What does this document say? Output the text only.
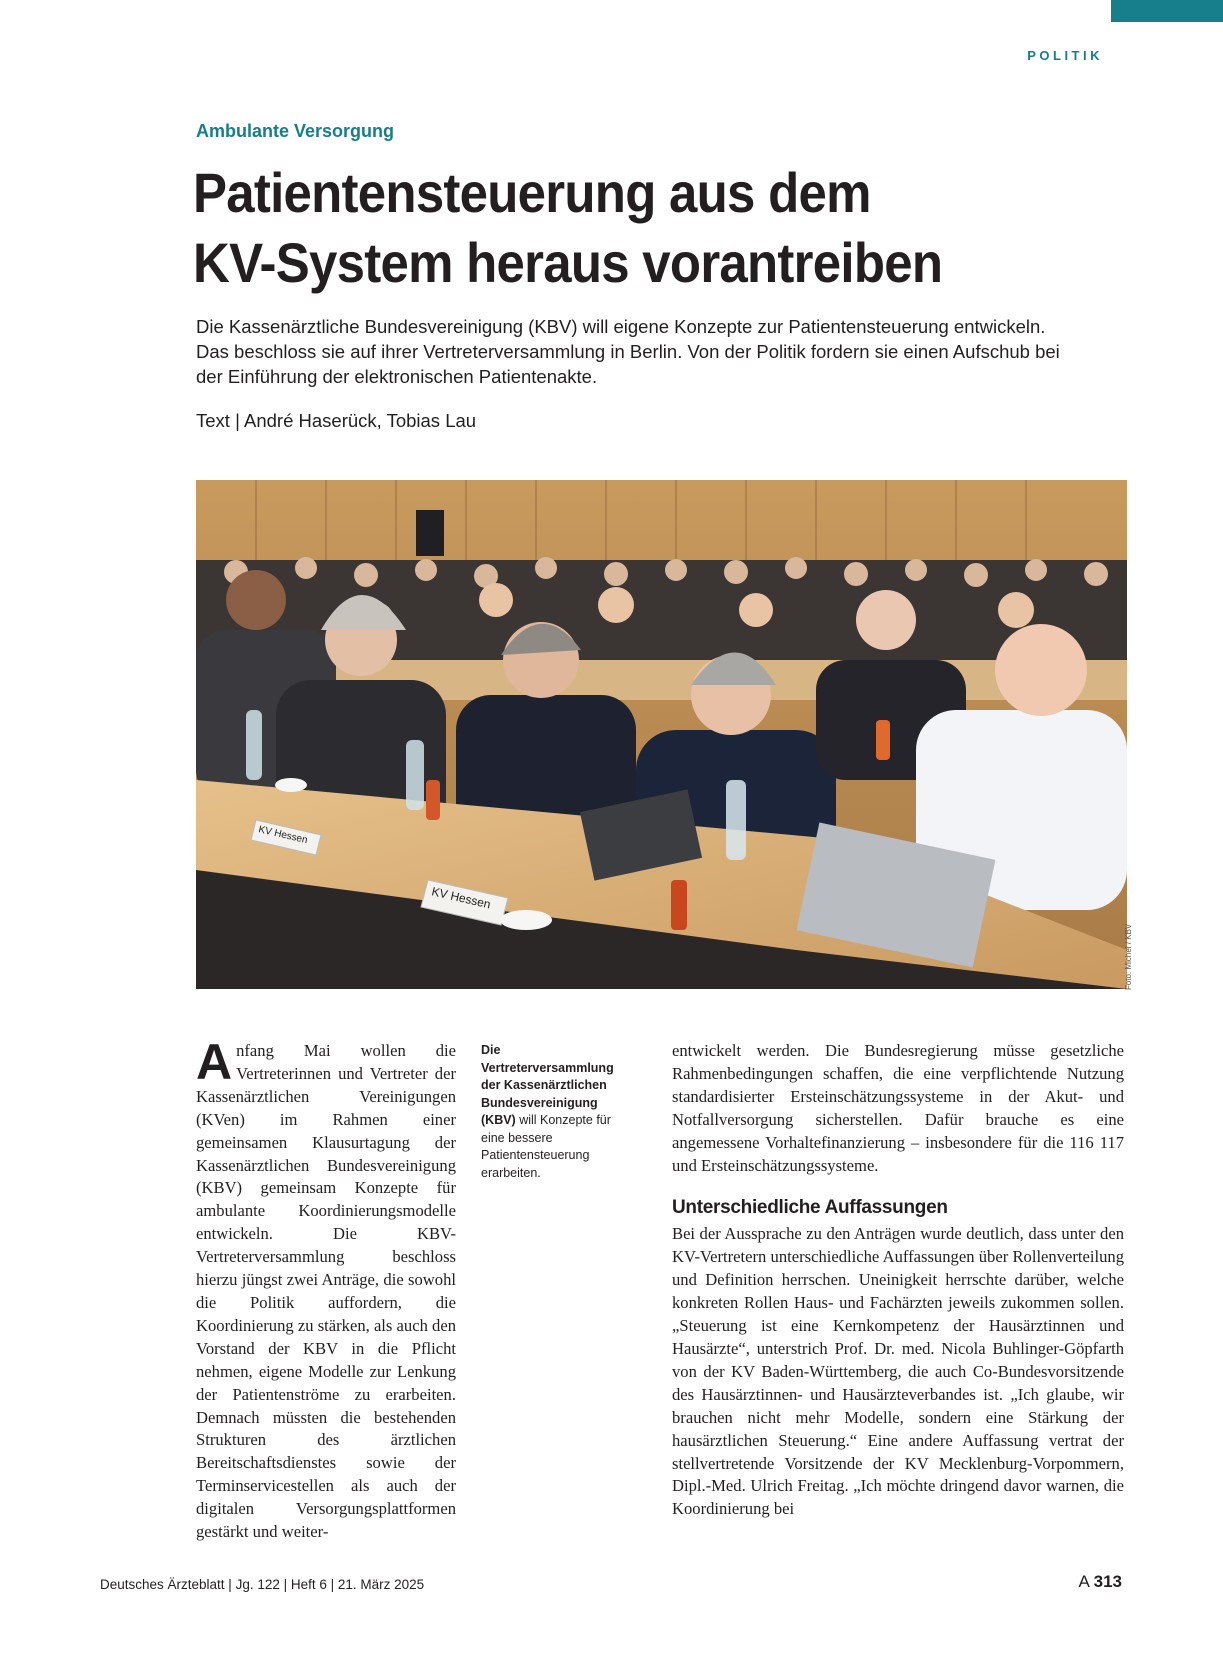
POLITIK
Ambulante Versorgung
Patientensteuerung aus dem
KV-System heraus vorantreiben

Die Kassenärztliche Bundesvereinigung (KBV) will eigene Konzepte zur Patientensteuerung entwickeln. Das beschloss sie auf ihrer Vertreterversammlung in Berlin. Von der Politik fordern sie einen Aufschub bei der Einführung der elektronischen Patientenakte.

Text | André Haserück, Tobias Lau
KV Hessen
KV Hessen
Foto: Michel / KBV
Anfang Mai wollen die Vertreterinnen und Vertreter der Kassenärztlichen Vereinigungen (KVen) im Rahmen einer gemeinsamen Klausurtagung der Kassenärztlichen Bundesvereinigung (KBV) gemeinsam Konzepte für ambulante Koordinierungsmodelle entwickeln. Die KBV-Vertreterversammlung beschloss hierzu jüngst zwei Anträge, die sowohl die Politik auffordern, die Koordinierung zu stärken, als auch den Vorstand der KBV in die Pflicht nehmen, eigene Modelle zur Lenkung der Patientenströme zu erarbeiten. Demnach müssten die bestehenden Strukturen des ärztlichen Bereitschaftsdienstes sowie der Terminservicestellen als auch der digitalen Versorgungsplattformen gestärkt und weiter-

Die Vertreterversammlung der Kassenärztlichen Bundesvereinigung (KBV) will Konzepte für eine bessere Patientensteuerung erarbeiten.

entwickelt werden. Die Bundesregierung müsse gesetzliche Rahmenbedingungen schaffen, die eine verpflichtende Nutzung standardisierter Ersteinschätzungssysteme in der Akut- und Notfallversorgung sicherstellen. Dafür brauche es eine angemessene Vorhaltefinanzierung – insbesondere für die 116 117 und Ersteinschätzungssysteme.

Unterschiedliche Auffassungen

Bei der Aussprache zu den Anträgen wurde deutlich, dass unter den KV-Vertretern unterschiedliche Auffassungen über Rollenverteilung und Definition herrschen. Uneinigkeit herrschte darüber, welche konkreten Rollen Haus- und Fachärzten jeweils zukommen sollen. „Steuerung ist eine Kernkompetenz der Hausärztinnen und Hausärzte“, unterstrich Prof. Dr. med. Nicola Buhlinger-Göpfarth von der KV Baden-Württemberg, die auch Co-Bundesvorsitzende des Hausärztinnen- und Hausärzteverbandes ist. „Ich glaube, wir brauchen nicht mehr Modelle, sondern eine Stärkung der hausärztlichen Steuerung.“ Eine andere Auffassung vertrat der stellvertretende Vorsitzende der KV Mecklenburg-Vorpommern, Dipl.-Med. Ulrich Freitag. „Ich möchte dringend davor warnen, die Koordinierung bei

Deutsches Ärzteblatt | Jg. 122 | Heft 6 | 21. März 2025	A 313
